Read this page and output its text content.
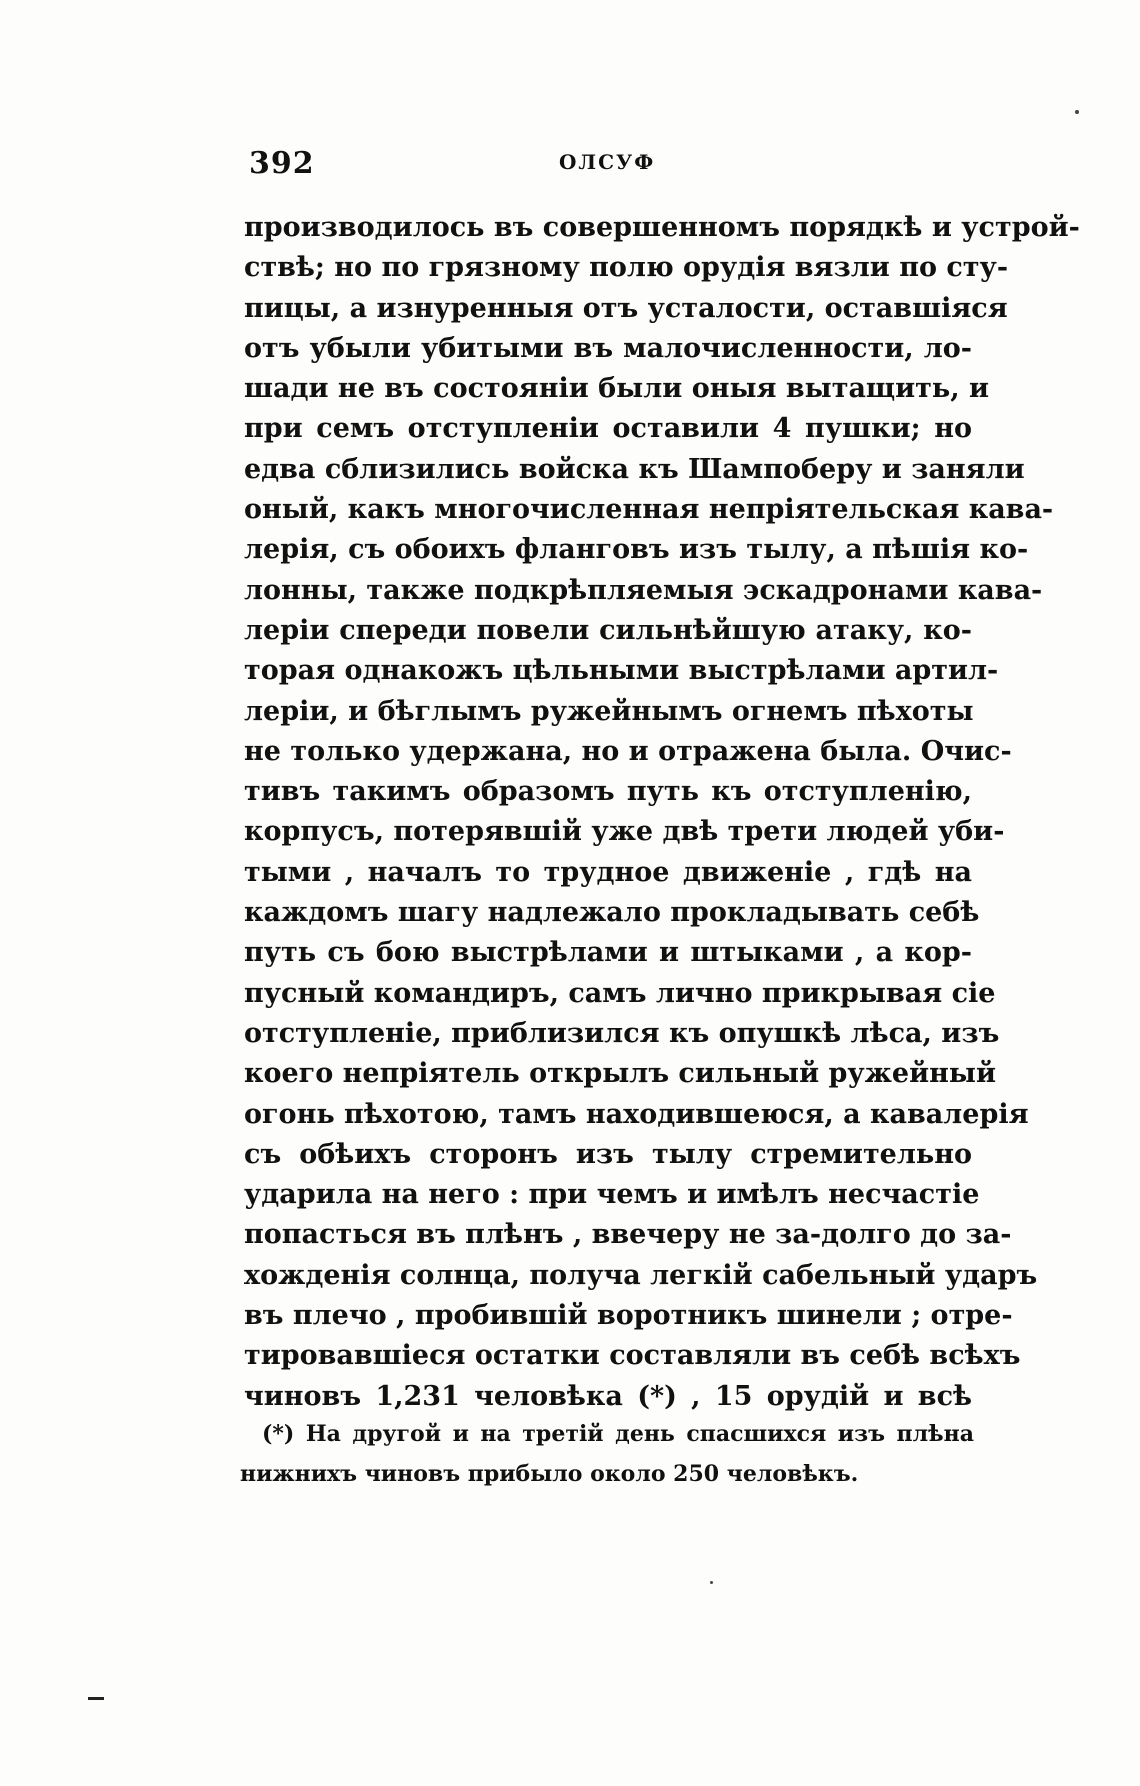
392	ОЛСУФ
производилось въ совершенномъ порядкѣ и устрой-
ствѣ; но по грязному полю орудія вязли по сту-
пицы, а изнуренныя отъ усталости, оставшіяся
отъ убыли убитыми въ малочисленности, ло-
шади не въ состояніи были оныя вытащить, и
при семъ отступленіи оставили 4 пушки; но
едва сблизились войска къ Шампоберу и заняли
оный, какъ многочисленная непріятельская кава-
лерія, съ обоихъ фланговъ изъ тылу, а пѣшія ко-
лонны, также подкрѣпляемыя эскадронами кава-
лерiи спереди повели сильнѣйшую атаку, ко-
торая однакожъ цѣльными выстрѣлами артил-
лерiи, и бѣглымъ ружейнымъ огнемъ пѣхоты
не только удержана, но и отражена была. Очис-
тивъ такимъ образомъ путь къ отступленію,
корпусъ, потерявшій уже двѣ трети людей уби-
тыми , началъ то трудное движеніе , гдѣ на
каждомъ шагу надлежало прокладывать себѣ
путь съ бою выстрѣлами и штыками , а кор-
пусный командиръ, самъ лично прикрывая сіе
отступленіе, приблизился къ опушкѣ лѣса, изъ
коего непріятель открылъ сильный ружейный
огонь пѣхотою, тамъ находившеюся, а кавалерія
съ обѣихъ сторонъ изъ тылу стремительно
ударила на него : при чемъ и имѣлъ несчастіе
попасться въ плѣнъ , ввечеру не за-долго до за-
хожденія солнца, получа легкій сабельный ударъ
въ плечо , пробившій воротникъ шинели ; отре-
тировавшіеся остатки составляли въ себѣ всѣхъ
чиновъ 1,231 человѣка (*) , 15 орудій и всѣ
(*) На другой и на третій день спасшихся изъ плѣна
нижнихъ чиновъ прибыло около 250 человѣкъ.
